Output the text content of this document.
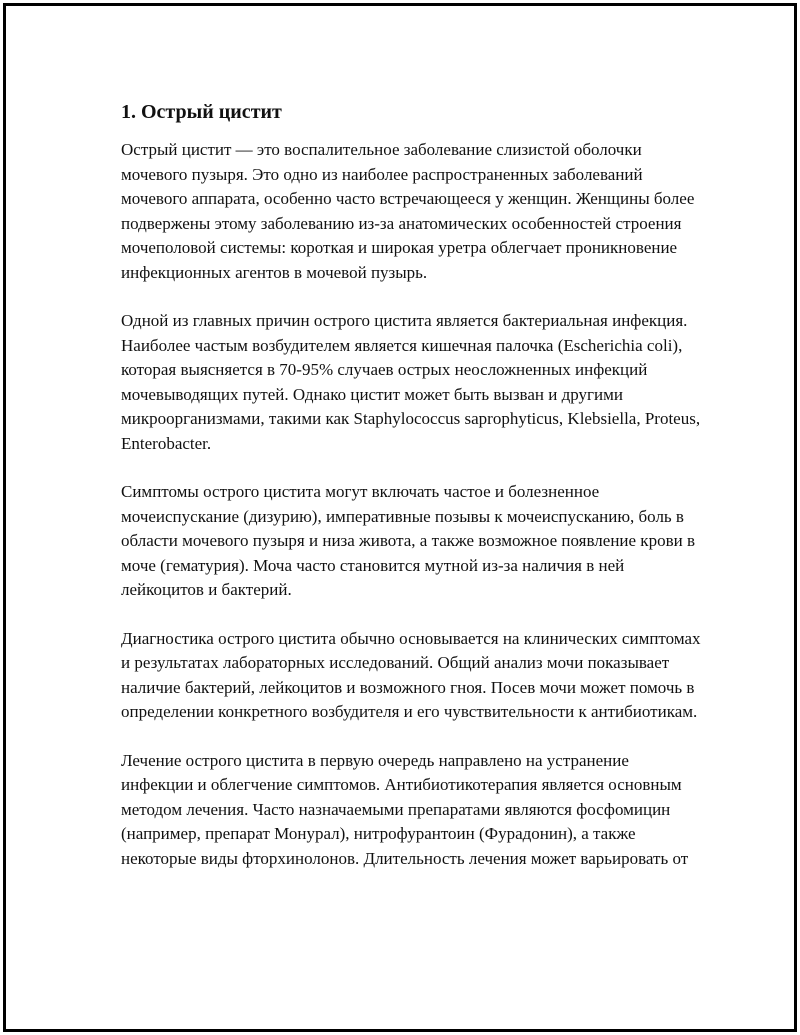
1. Острый цистит

Острый цистит — это воспалительное заболевание слизистой оболочки мочевого пузыря. Это одно из наиболее распространенных заболеваний мочевого аппарата, особенно часто встречающееся у женщин. Женщины более подвержены этому заболеванию из-за анатомических особенностей строения мочеполовой системы: короткая и широкая уретра облегчает проникновение инфекционных агентов в мочевой пузырь.

Одной из главных причин острого цистита является бактериальная инфекция. Наиболее частым возбудителем является кишечная палочка (Escherichia coli), которая выясняется в 70-95% случаев острых неосложненных инфекций мочевыводящих путей. Однако цистит может быть вызван и другими микроорганизмами, такими как Staphylococcus saprophyticus, Klebsiella, Proteus, Enterobacter.

Симптомы острого цистита могут включать частое и болезненное мочеиспускание (дизурию), императивные позывы к мочеиспусканию, боль в области мочевого пузыря и низа живота, а также возможное появление крови в моче (гематурия). Моча часто становится мутной из-за наличия в ней лейкоцитов и бактерий.

Диагностика острого цистита обычно основывается на клинических симптомах и результатах лабораторных исследований. Общий анализ мочи показывает наличие бактерий, лейкоцитов и возможного гноя. Посев мочи может помочь в определении конкретного возбудителя и его чувствительности к антибиотикам.

Лечение острого цистита в первую очередь направлено на устранение инфекции и облегчение симптомов. Антибиотикотерапия является основным методом лечения. Часто назначаемыми препаратами являются фосфомицин (например, препарат Монурал), нитрофурантоин (Фурадонин), а также некоторые виды фторхинолонов. Длительность лечения может варьировать от
